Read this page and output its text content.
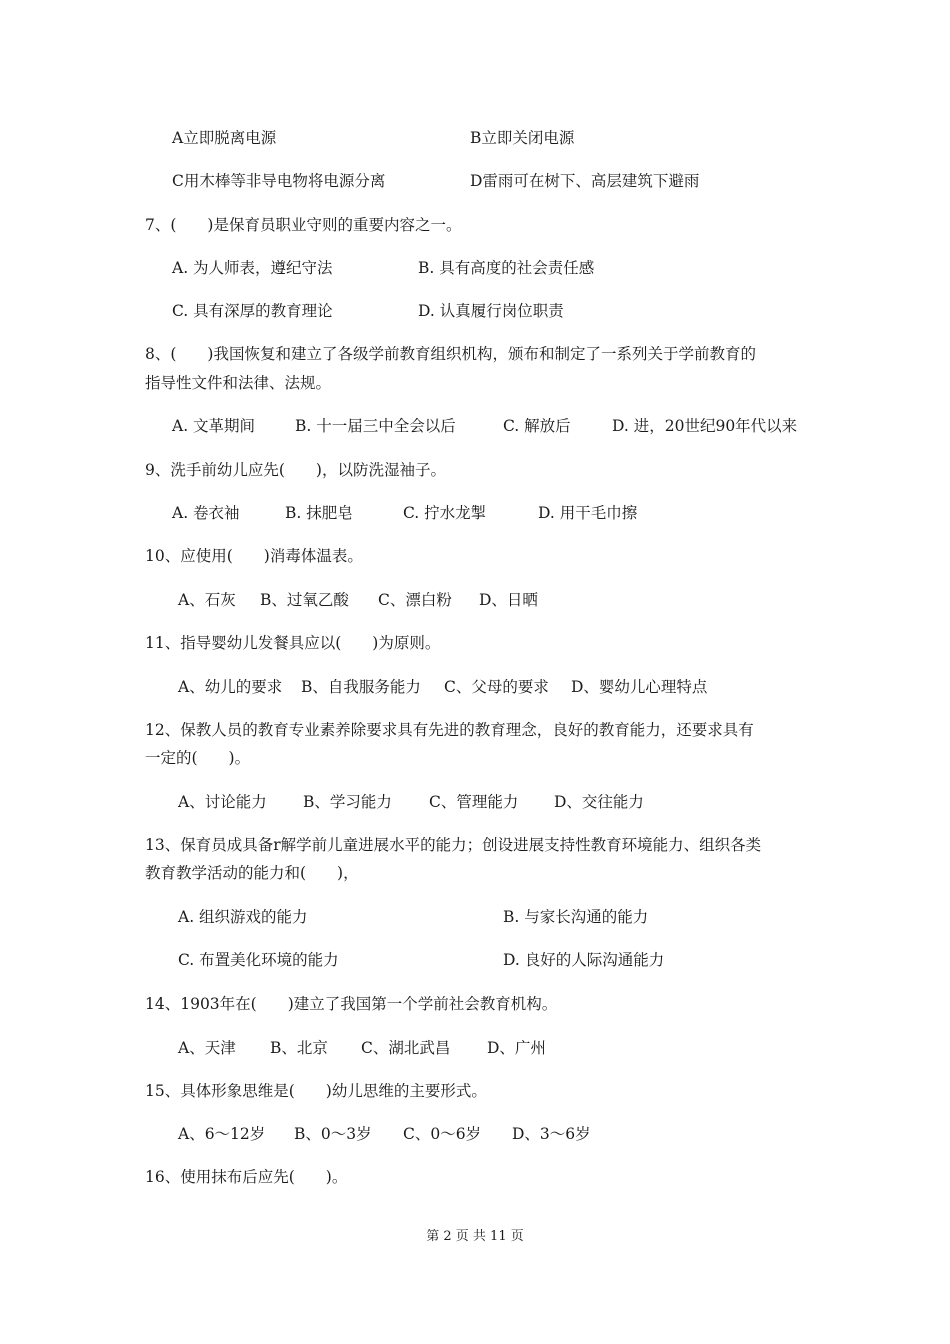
A立即脱离电源	B立即关闭电源
C用木棒等非导电物将电源分离	D雷雨可在树下、高层建筑下避雨
7、(　　)是保育员职业守则的重要内容之一。
A. 为人师表，遵纪守法	B. 具有高度的社会责任感
C. 具有深厚的教育理论	D. 认真履行岗位职责
8、(　　)我国恢复和建立了各级学前教育组织机构，颁布和制定了一系列关于学前教育的
指导性文件和法律、法规。
A. 文革期间	B. 十一届三中全会以后	C. 解放后	D. 进，20世纪90年代以来
9、洗手前幼儿应先(　　)，以防洗湿袖子。
A. 卷衣袖	B. 抹肥皂	C. 拧水龙掣	D. 用干毛巾擦
10、应使用(　　)消毒体温表。
A、石灰 B、过氧乙酸 C、漂白粉 D、日晒
11、指导婴幼儿发餐具应以(　　)为原则。
A、幼儿的要求 B、自我服务能力 C、父母的要求 D、婴幼儿心理特点
12、保教人员的教育专业素养除要求具有先进的教育理念，良好的教育能力，还要求具有
一定的(　　)。
A、讨论能力 B、学习能力 C、管理能力 D、交往能力
13、保育员成具备r解学前儿童进展水平的能力；创设进展支持性教育环境能力、组织各类
教育教学活动的能力和(　　)，
A. 组织游戏的能力	B. 与家长沟通的能力
C. 布置美化环境的能力	D. 良好的人际沟通能力
14、1903年在(　　)建立了我国第一个学前社会教育机构。
A、天津 B、北京 C、湖北武昌 D、广州
15、具体形象思维是(　　)幼儿思维的主要形式。
A、6～12岁 B、0～3岁 C、0～6岁 D、3～6岁
16、使用抹布后应先(　　)。
第 2 页 共 11 页
